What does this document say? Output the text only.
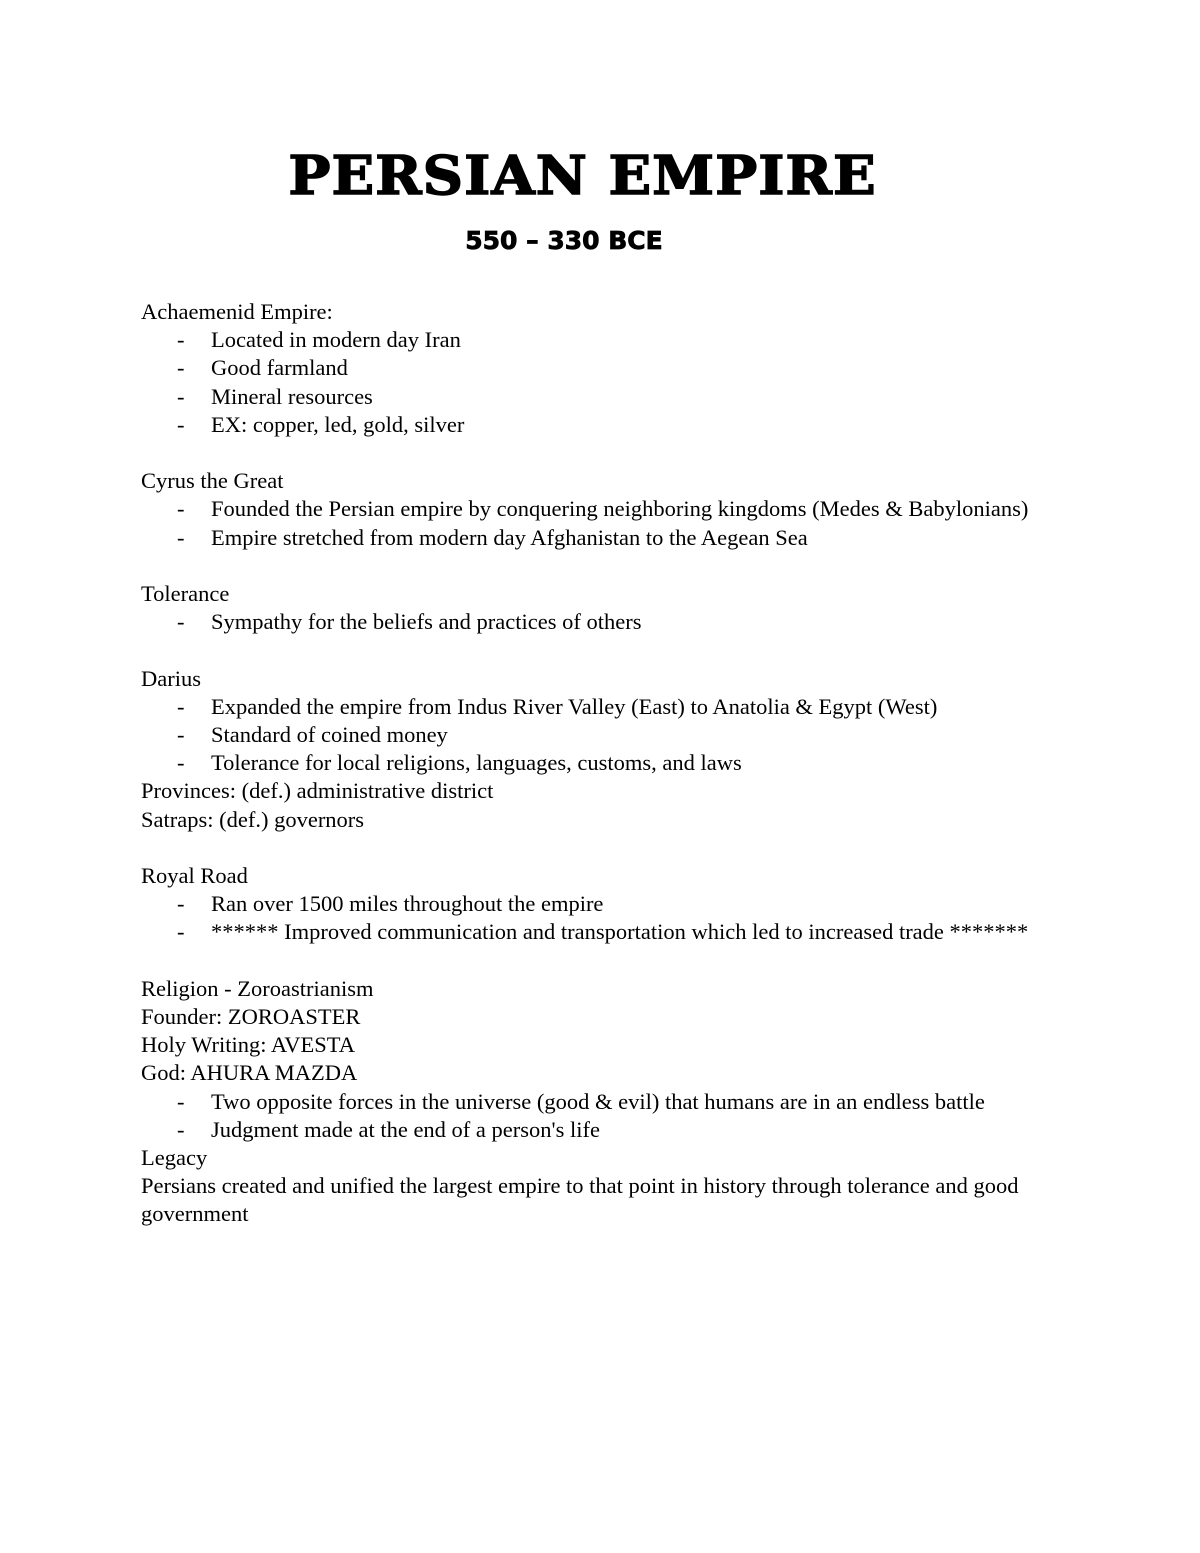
PERSIAN EMPIRE
550 – 330 BCE
Achaemenid Empire:
- Located in modern day Iran
- Good farmland
- Mineral resources
- EX: copper, led, gold, silver
Cyrus the Great
- Founded the Persian empire by conquering neighboring kingdoms (Medes & Babylonians)
- Empire stretched from modern day Afghanistan to the Aegean Sea
Tolerance
- Sympathy for the beliefs and practices of others
Darius
- Expanded the empire from Indus River Valley (East) to Anatolia & Egypt (West)
- Standard of coined money
- Tolerance for local religions, languages, customs, and laws
Provinces: (def.) administrative district
Satraps: (def.) governors
Royal Road
- Ran over 1500 miles throughout the empire
- ****** Improved communication and transportation which led to increased trade *******
Religion - Zoroastrianism
Founder: ZOROASTER
Holy Writing: AVESTA
God: AHURA MAZDA
- Two opposite forces in the universe (good & evil) that humans are in an endless battle
- Judgment made at the end of a person's life
Legacy
Persians created and unified the largest empire to that point in history through tolerance and good government
